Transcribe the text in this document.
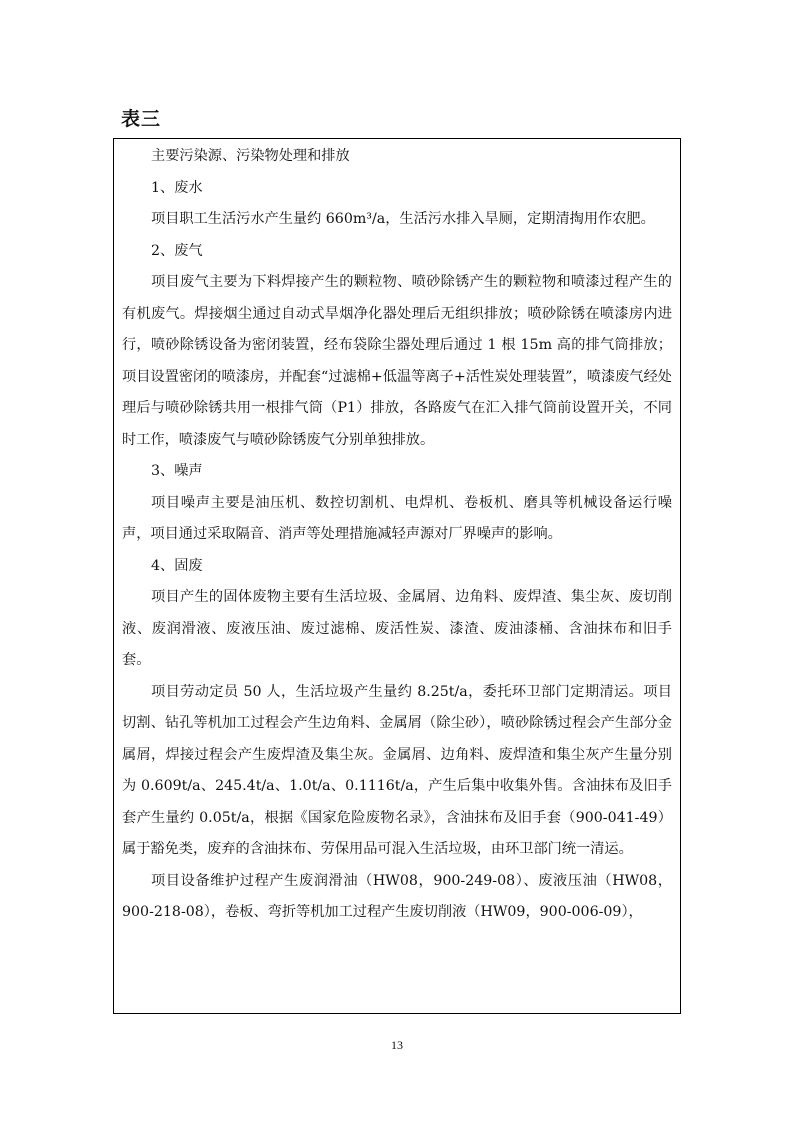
表三

主要污染源、污染物处理和排放

1、废水

项目职工生活污水产生量约 660m³/a，生活污水排入旱厕，定期清掏用作农肥。

2、废气

项目废气主要为下料焊接产生的颗粒物、喷砂除锈产生的颗粒物和喷漆过程产生的有机废气。焊接烟尘通过自动式旱烟净化器处理后无组织排放；喷砂除锈在喷漆房内进行，喷砂除锈设备为密闭装置，经布袋除尘器处理后通过 1 根 15m 高的排气筒排放；项目设置密闭的喷漆房，并配套“过滤棉+低温等离子+活性炭处理装置”，喷漆废气经处理后与喷砂除锈共用一根排气筒（P1）排放，各路废气在汇入排气筒前设置开关，不同时工作，喷漆废气与喷砂除锈废气分别单独排放。

3、噪声

项目噪声主要是油压机、数控切割机、电焊机、卷板机、磨具等机械设备运行噪声，项目通过采取隔音、消声等处理措施减轻声源对厂界噪声的影响。

4、固废

项目产生的固体废物主要有生活垃圾、金属屑、边角料、废焊渣、集尘灰、废切削液、废润滑液、废液压油、废过滤棉、废活性炭、漆渣、废油漆桶、含油抹布和旧手套。

项目劳动定员 50 人，生活垃圾产生量约 8.25t/a，委托环卫部门定期清运。项目切割、钻孔等机加工过程会产生边角料、金属屑（除尘砂），喷砂除锈过程会产生部分金属屑，焊接过程会产生废焊渣及集尘灰。金属屑、边角料、废焊渣和集尘灰产生量分别为 0.609t/a、245.4t/a、1.0t/a、0.1116t/a，产生后集中收集外售。含油抹布及旧手套产生量约 0.05t/a，根据《国家危险废物名录》，含油抹布及旧手套（900-041-49）属于豁免类，废弃的含油抹布、劳保用品可混入生活垃圾，由环卫部门统一清运。

项目设备维护过程产生废润滑油（HW08，900-249-08）、废液压油（HW08，900-218-08），卷板、弯折等机加工过程产生废切削液（HW09，900-006-09），

13
